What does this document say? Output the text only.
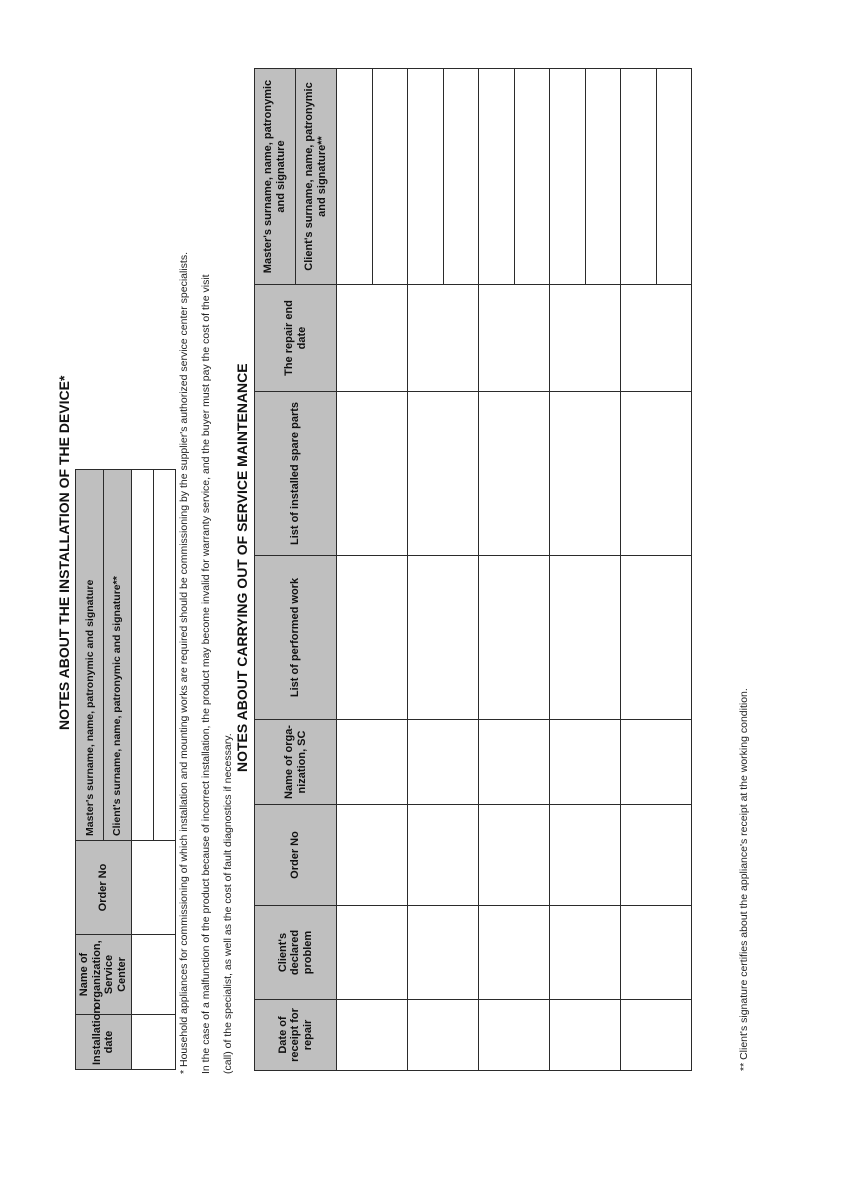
NOTES ABOUT THE INSTALLATION OF THE DEVICE*
Installation date	Name of organization, Service Center	Order No	Master's surname, name, patronymic and signature
			Client's surname, name, patronymic and signature**
				* Household appliances for commissioning of which installation and mounting works are required should be commissioning by the supplier's authorized service center specialists. In the case of a malfunction of the product because of incorrect installation, the product may become invalid for warranty service, and the buyer must pay the cost of the visit (call) of the specialist, as well as the cost of fault diagnostics if necessary.
NOTES ABOUT CARRYING OUT OF SERVICE MAINTENANCE
Date of receipt for repair	Client's declared problem	Order No	Name of orga-nization, SC	List of performed work	List of installed spare parts	The repair end date	Master's surname, name, patronymic and signature
							Client's surname, name, patronymic and signature**

** Client's signature certifies about the appliance's receipt at the working condition.
